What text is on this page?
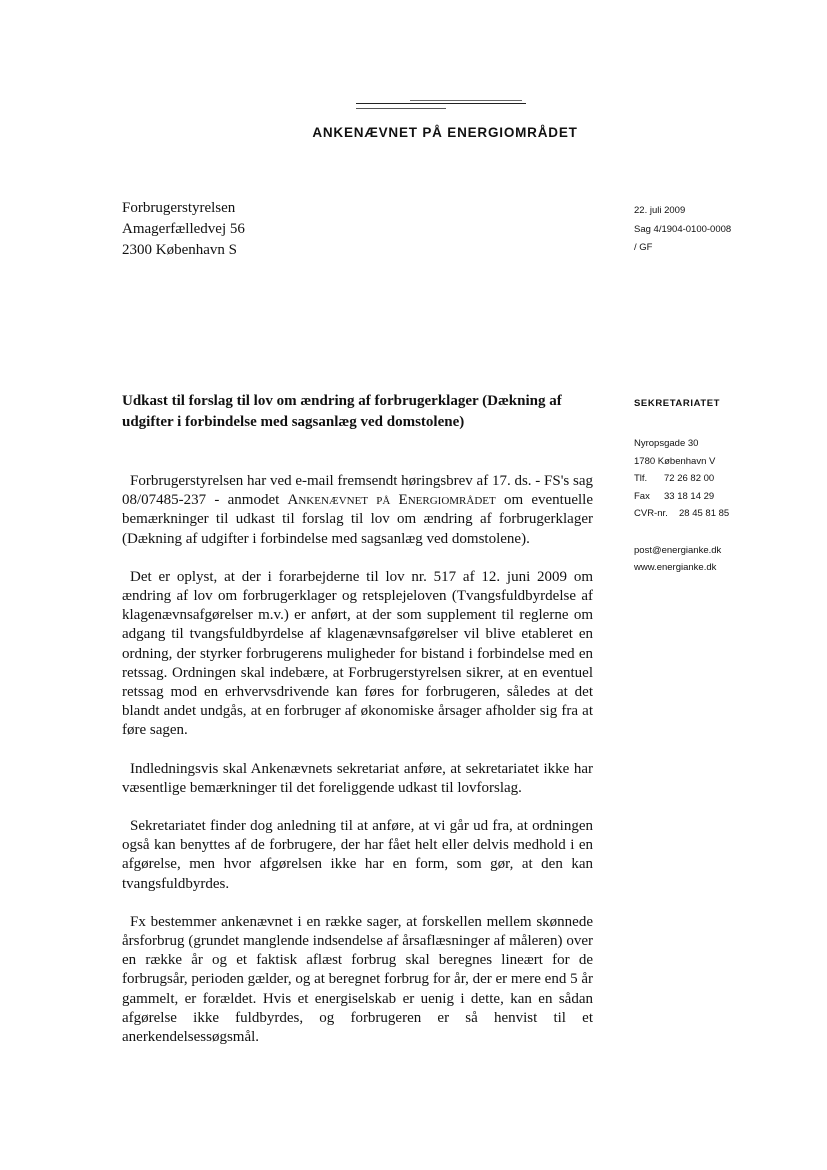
ANKENÆVNET PÅ ENERGIOMRÅDET
Forbrugerstyrelsen
Amagerfælledvej 56
2300 København S
22. juli 2009
Sag 4/1904-0100-0008
/ GF
Udkast til forslag til lov om ændring af forbrugerklager (Dækning af udgifter i forbindelse med sagsanlæg ved domstolene)
SEKRETARIATET
Nyropsgade 30
1780 København V
Tlf.	72 26 82 00
Fax	33 18 14 29
CVR-nr.	28 45 81 85
post@energianke.dk
www.energianke.dk

Forbrugerstyrelsen har ved e-mail fremsendt høringsbrev af 17. ds. - FS's sag 08/07485-237 - anmodet Ankenævnet på Energiområdet om eventuelle bemærkninger til udkast til forslag til lov om ændring af forbrugerklager (Dækning af udgifter i forbindelse med sagsanlæg ved domstolene).

Det er oplyst, at der i forarbejderne til lov nr. 517 af 12. juni 2009 om ændring af lov om forbrugerklager og retsplejeloven (Tvangsfuldbyrdelse af klagenævnsafgørelser m.v.) er anført, at der som supplement til reglerne om adgang til tvangsfuldbyrdelse af klagenævnsafgørelser vil blive etableret en ordning, der styrker forbrugerens muligheder for bistand i forbindelse med en retssag. Ordningen skal indebære, at Forbrugerstyrelsen sikrer, at en eventuel retssag mod en erhvervsdrivende kan føres for forbrugeren, således at det blandt andet undgås, at en forbruger af økonomiske årsager afholder sig fra at føre sagen.

Indledningsvis skal Ankenævnets sekretariat anføre, at sekretariatet ikke har væsentlige bemærkninger til det foreliggende udkast til lovforslag.

Sekretariatet finder dog anledning til at anføre, at vi går ud fra, at ordningen også kan benyttes af de forbrugere, der har fået helt eller delvis medhold i en afgørelse, men hvor afgørelsen ikke har en form, som gør, at den kan tvangsfuldbyrdes.

Fx bestemmer ankenævnet i en række sager, at forskellen mellem skønnede årsforbrug (grundet manglende indsendelse af årsaflæsninger af måleren) over en række år og et faktisk aflæst forbrug skal beregnes lineært for de forbrugsår, perioden gælder, og at beregnet forbrug for år, der er mere end 5 år gammelt, er forældet. Hvis et energiselskab er uenig i dette, kan en sådan afgørelse ikke fuldbyrdes, og forbrugeren er så henvist til et anerkendelsessøgsmål.
